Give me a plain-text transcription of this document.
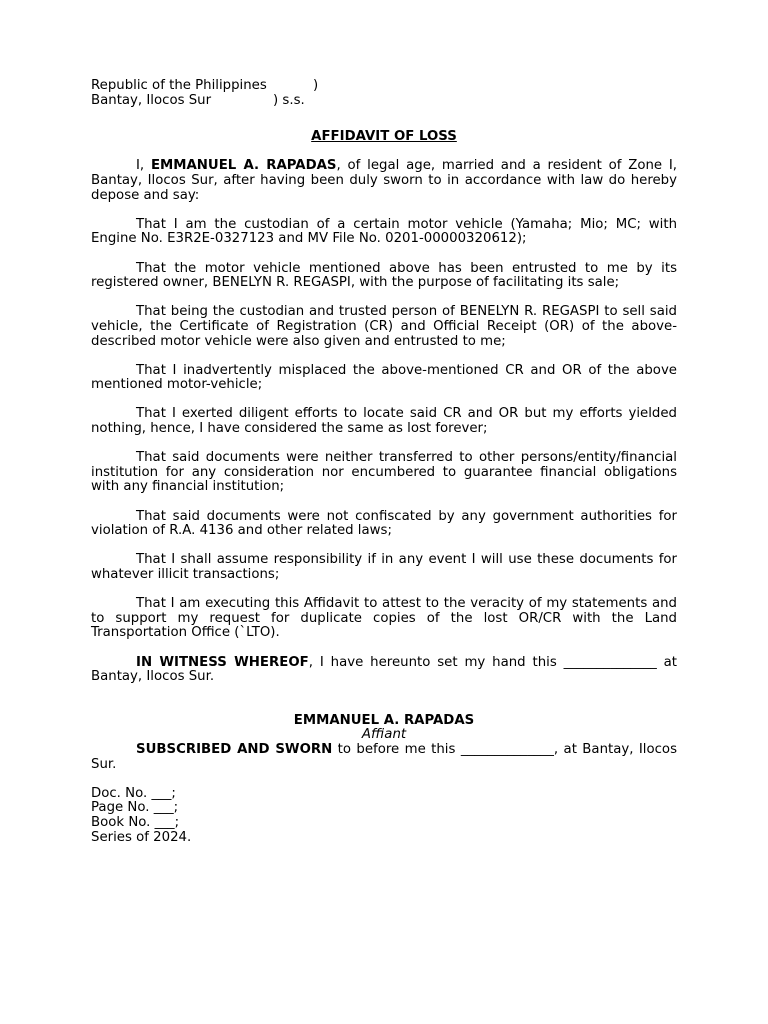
Republic of the Philippines	)
Bantay, Ilocos Sur	) s.s.
AFFIDAVIT OF LOSS

I, EMMANUEL A. RAPADAS, of legal age, married and a resident of Zone I, Bantay, Ilocos Sur, after having been duly sworn to in accordance with law do hereby depose and say:

That I am the custodian of a certain motor vehicle (Yamaha; Mio; MC; with Engine No. E3R2E-0327123 and MV File No. 0201-00000320612);

That the motor vehicle mentioned above has been entrusted to me by its registered owner, BENELYN R. REGASPI, with the purpose of facilitating its sale;

That being the custodian and trusted person of BENELYN R. REGASPI to sell said vehicle, the Certificate of Registration (CR) and Official Receipt (OR) of the above-described motor vehicle were also given and entrusted to me;

That I inadvertently misplaced the above-mentioned CR and OR of the above mentioned motor-vehicle;

That I exerted diligent efforts to locate said CR and OR but my efforts yielded nothing, hence, I have considered the same as lost forever;

That said documents were neither transferred to other persons/entity/financial institution for any consideration nor encumbered to guarantee financial obligations with any financial institution;

That said documents were not confiscated by any government authorities for violation of R.A. 4136 and other related laws;

That I shall assume responsibility if in any event I will use these documents for whatever illicit transactions;

That I am executing this Affidavit to attest to the veracity of my statements and to support my request for duplicate copies of the lost OR/CR with the Land Transportation Office (`LTO).

IN WITNESS WHEREOF, I have hereunto set my hand this ______________ at Bantay, Ilocos Sur.

EMMANUEL A. RAPADAS
Affiant

SUBSCRIBED AND SWORN to before me this ______________, at Bantay, Ilocos Sur.

Doc. No. ___;
Page No. ___;
Book No. ___;
Series of 2024.
